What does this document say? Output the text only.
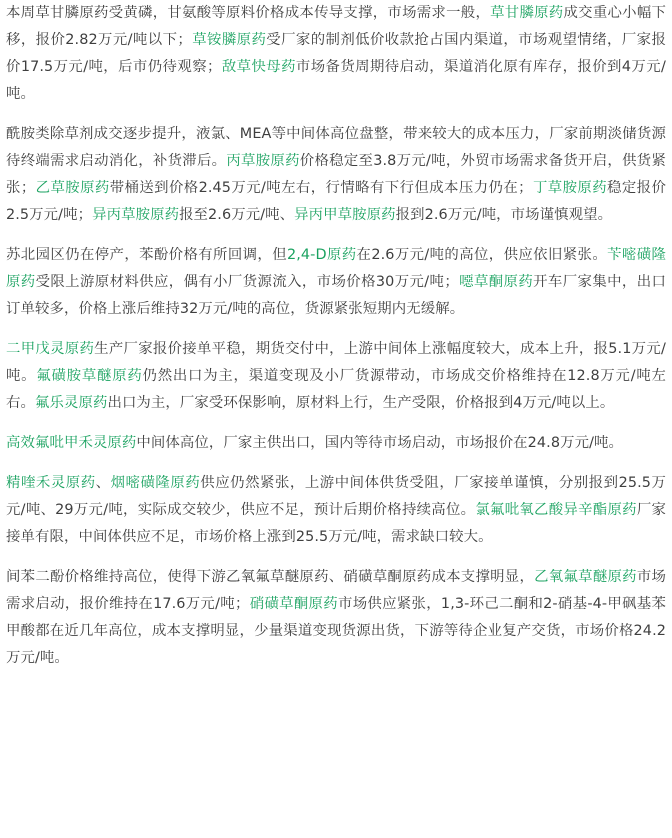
本周草甘膦原药受黄磷，甘氨酸等原料价格成本传导支撑，市场需求一般，草甘膦原药成交重心小幅下移，报价2.82万元/吨以下；草铵膦原药受厂家的制剂低价收款抢占国内渠道，市场观望情绪，厂家报价17.5万元/吨，后市仍待观察；敌草快母药市场备货周期待启动，渠道消化原有库存，报价到4万元/吨。

酰胺类除草剂成交逐步提升，液氯、MEA等中间体高位盘整，带来较大的成本压力，厂家前期淡储货源待终端需求启动消化，补货滞后。丙草胺原药价格稳定至3.8万元/吨，外贸市场需求备货开启，供货紧张；乙草胺原药带桶送到价格2.45万元/吨左右，行情略有下行但成本压力仍在；丁草胺原药稳定报价2.5万元/吨；异丙草胺原药报至2.6万元/吨、异丙甲草胺原药报到2.6万元/吨，市场谨慎观望。

苏北园区仍在停产，苯酚价格有所回调，但2,4-D原药在2.6万元/吨的高位，供应依旧紧张。苄嘧磺隆原药受限上游原材料供应，偶有小厂货源流入，市场价格30万元/吨；噁草酮原药开车厂家集中，出口订单较多，价格上涨后维持32万元/吨的高位，货源紧张短期内无缓解。

二甲戊灵原药生产厂家报价接单平稳，期货交付中，上游中间体上涨幅度较大，成本上升，报5.1万元/吨。氟磺胺草醚原药仍然出口为主，渠道变现及小厂货源带动，市场成交价格维持在12.8万元/吨左右。氟乐灵原药出口为主，厂家受环保影响，原材料上行，生产受限，价格报到4万元/吨以上。

高效氟吡甲禾灵原药中间体高位，厂家主供出口，国内等待市场启动，市场报价在24.8万元/吨。

精喹禾灵原药、烟嘧磺隆原药供应仍然紧张，上游中间体供货受阻，厂家接单谨慎，分别报到25.5万元/吨、29万元/吨，实际成交较少，供应不足，预计后期价格持续高位。氯氟吡氧乙酸异辛酯原药厂家接单有限，中间体供应不足，市场价格上涨到25.5万元/吨，需求缺口较大。

间苯二酚价格维持高位，使得下游乙氧氟草醚原药、硝磺草酮原药成本支撑明显，乙氧氟草醚原药市场需求启动，报价维持在17.6万元/吨；硝磺草酮原药市场供应紧张，1,3-环己二酮和2-硝基-4-甲砜基苯甲酸都在近几年高位，成本支撑明显，少量渠道变现货源出货，下游等待企业复产交货，市场价格24.2万元/吨。
